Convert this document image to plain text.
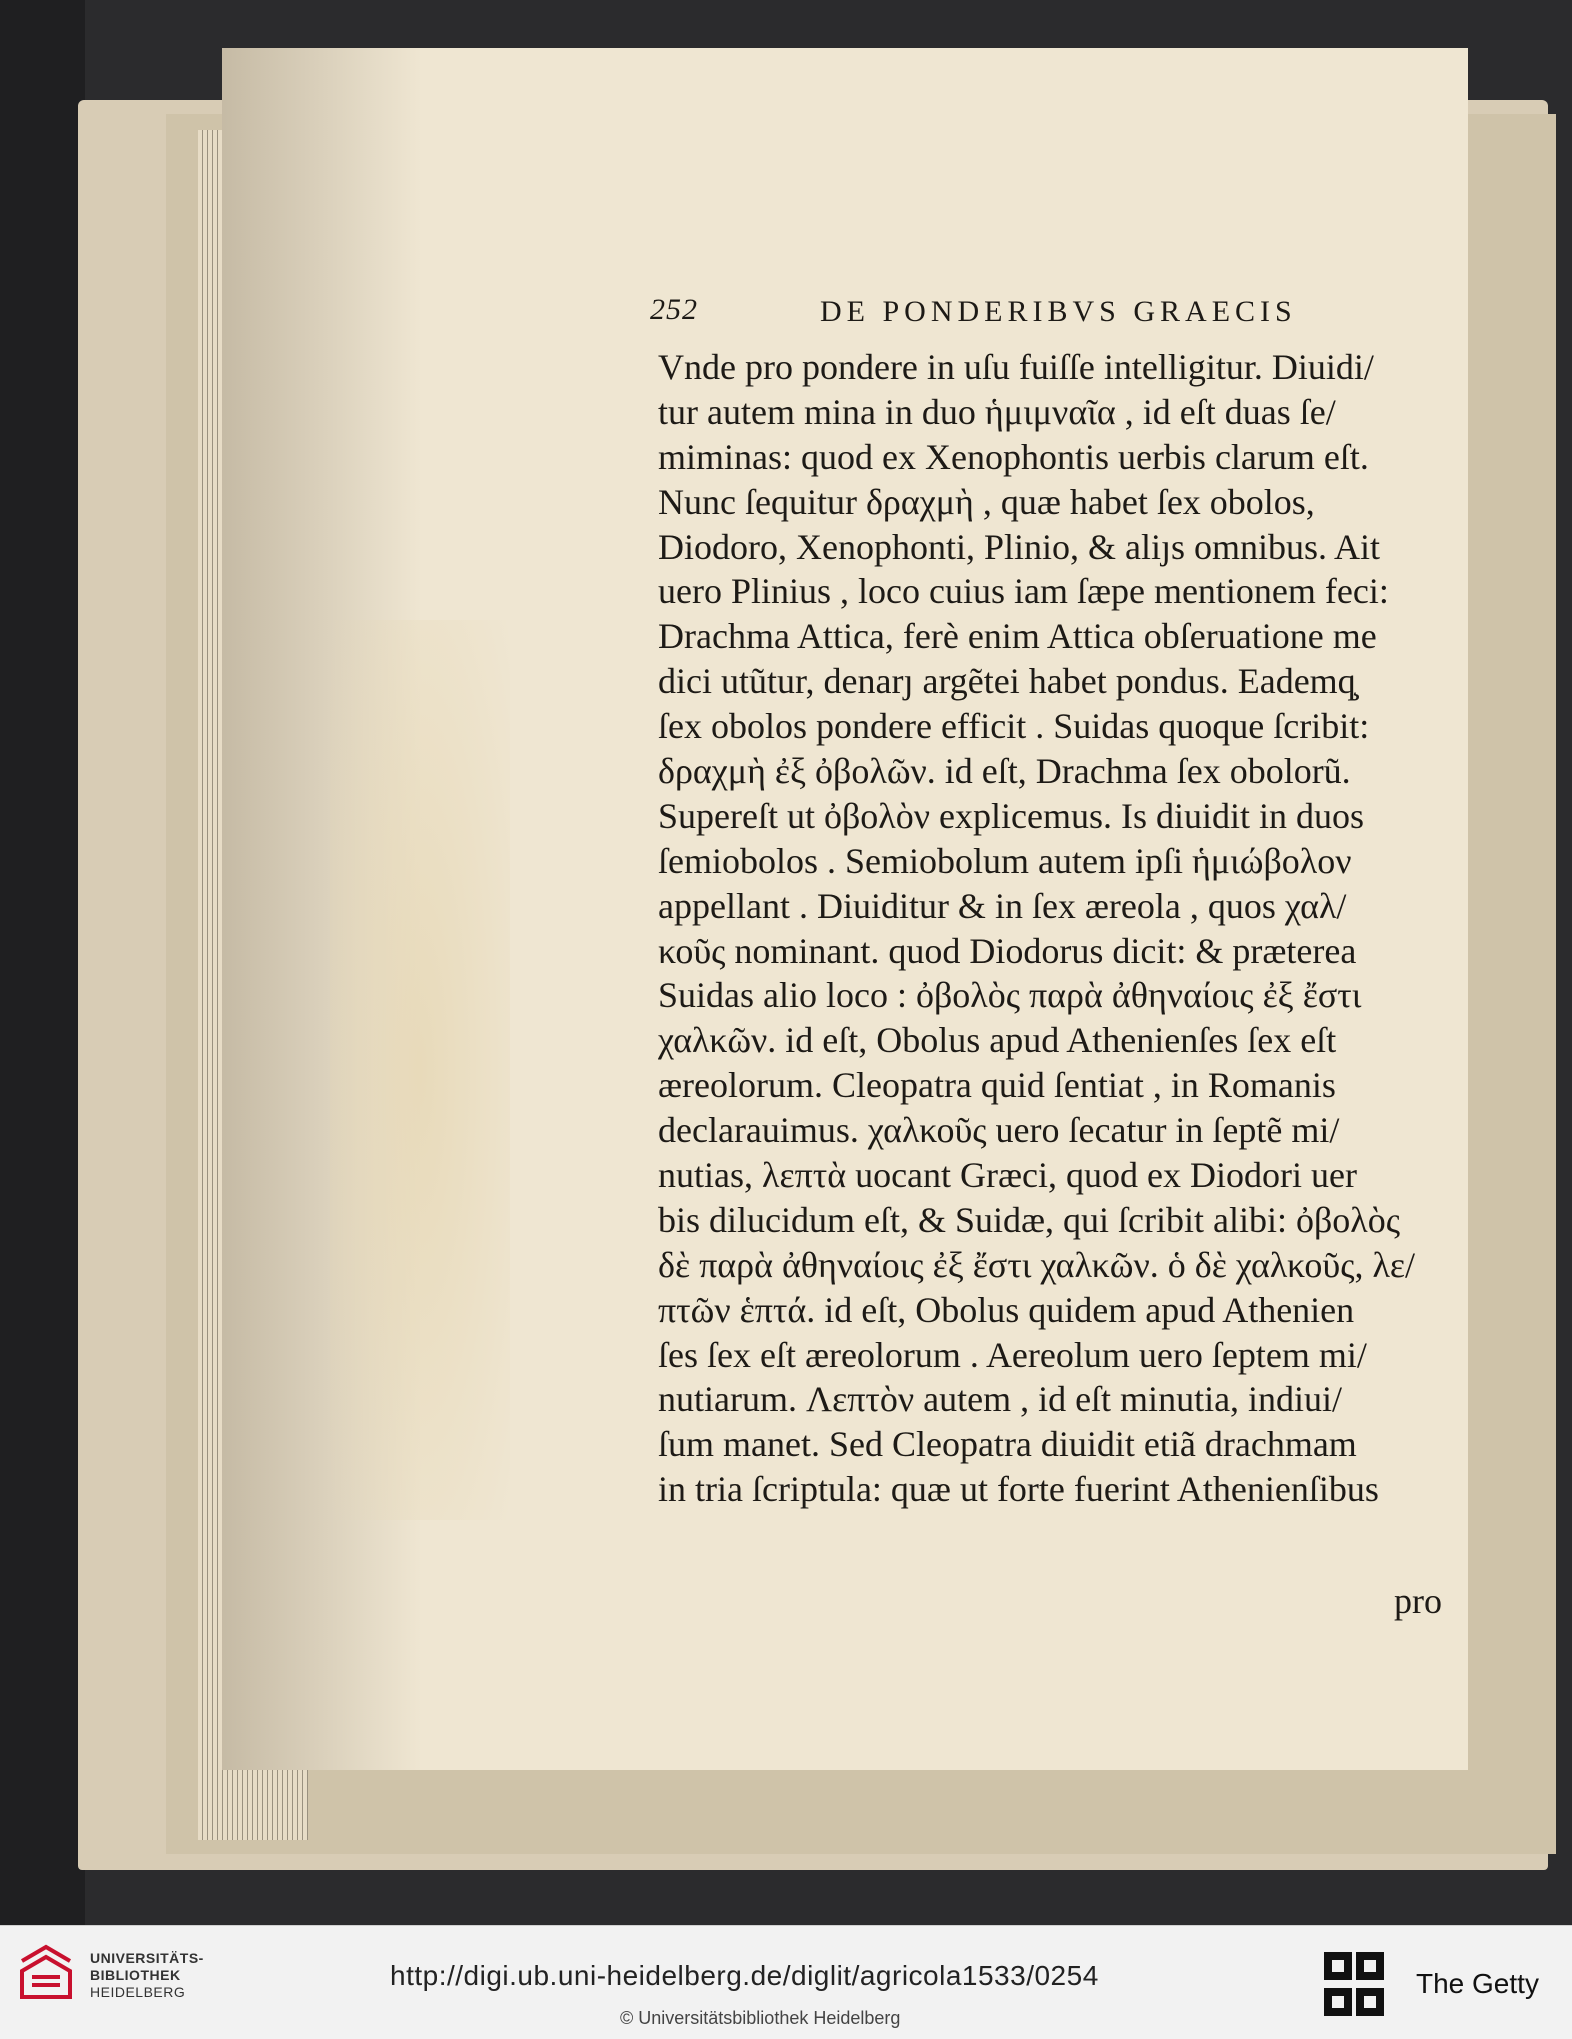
252	DE PONDERIBVS GRAECIS
Vnde pro pondere in uſu fuiſſe intelligitur. Diuidi/
tur autem mina in duo ἡμιμναῖα , id eſt duas ſe/
miminas: quod ex Xenophontis uerbis clarum eſt.
Nunc ſequitur δραχμὴ , quæ habet ſex obolos,
Diodoro, Xenophonti, Plinio, & aliȷs omnibus. Ait
uero Plinius , loco cuius iam ſæpe mentionem feci:
Drachma Attica, ferè enim Attica obſeruatione me
dici utũtur, denarȷ argẽtei habet pondus. Eademq̧
ſex obolos pondere efficit . Suidas quoque ſcribit:
δραχμὴ ἐξ ὀβολῶν. id eſt, Drachma ſex obolorũ.
Supereſt ut ὀβολὸν explicemus. Is diuidit in duos
ſemiobolos . Semiobolum autem ipſi ἡμιώβολον
appellant . Diuiditur & in ſex æreola , quos χαλ/
κοῦς nominant. quod Diodorus dicit: & præterea
Suidas alio loco : ὀβολὸς παρὰ ἀθηναίοις ἐξ ἔστι
χαλκῶν. id eſt, Obolus apud Athenienſes ſex eſt
æreolorum. Cleopatra quid ſentiat , in Romanis
declarauimus. χαλκοῦς uero ſecatur in ſeptẽ mi/
nutias, λεπτὰ uocant Græci, quod ex Diodori uer
bis dilucidum eſt, & Suidæ, qui ſcribit alibi: ὀβολὸς
δὲ παρὰ ἀθηναίοις ἐξ ἔστι χαλκῶν. ὁ δὲ χαλκοῦς, λε/
πτῶν ἑπτά. id eſt, Obolus quidem apud Athenien
ſes ſex eſt æreolorum . Aereolum uero ſeptem mi/
nutiarum. Λεπτὸν autem , id eſt minutia, indiui/
ſum manet. Sed Cleopatra diuidit etiã drachmam
in tria ſcriptula: quæ ut forte fuerint Athenienſibus
pro
UNIVERSITÄTS-
BIBLIOTHEK
HEIDELBERG
http://digi.ub.uni-heidelberg.de/diglit/agricola1533/0254
© Universitätsbibliothek Heidelberg
The Getty
